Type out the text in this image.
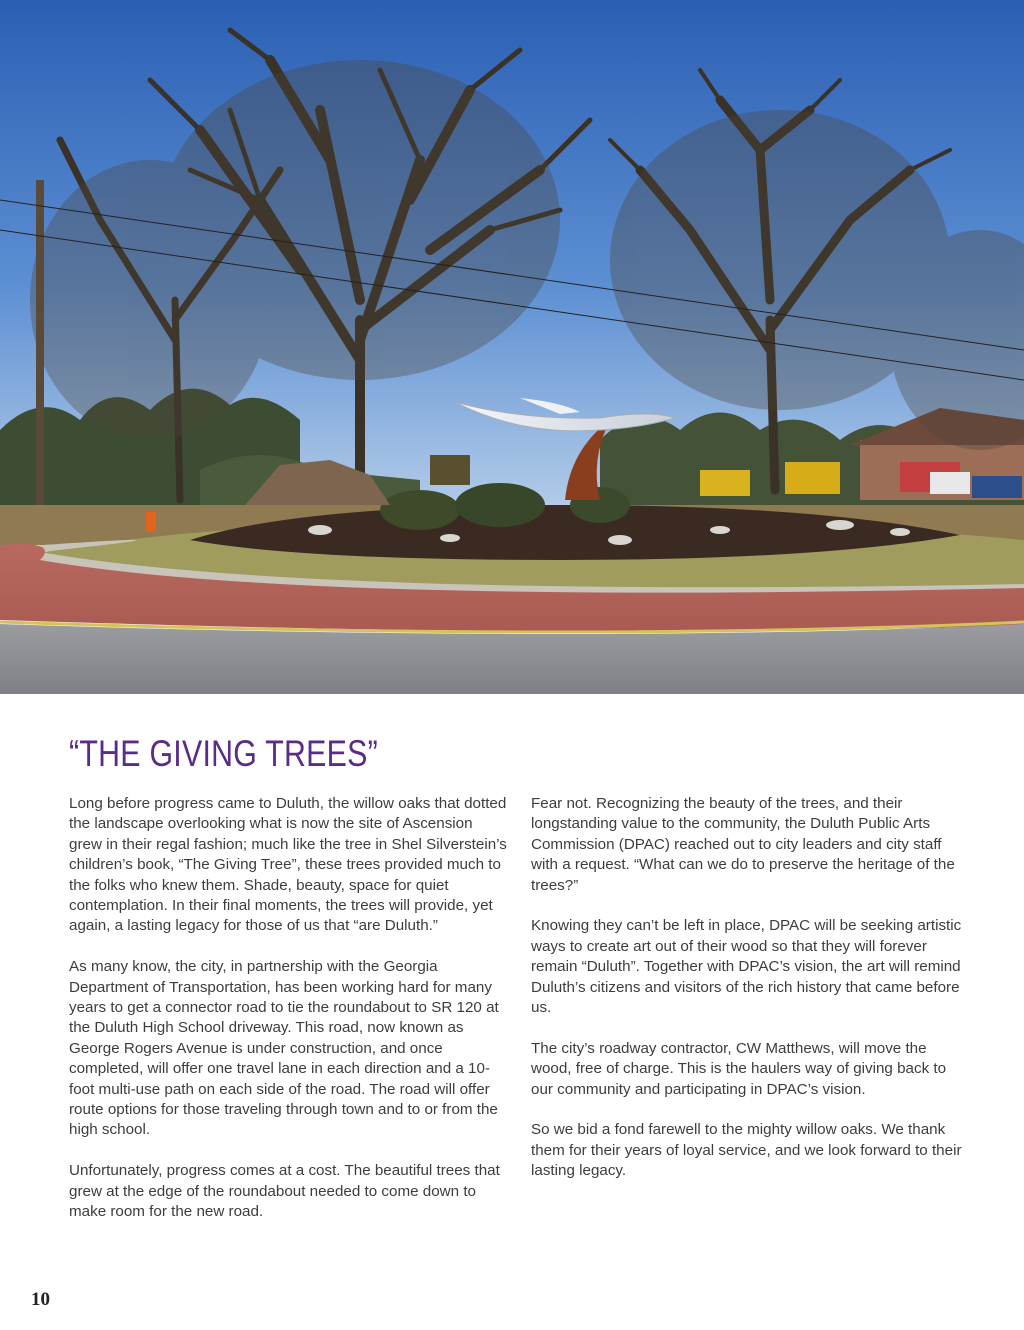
“THE GIVING TREES”

Long before progress came to Duluth, the willow oaks that dotted the landscape overlooking what is now the site of Ascension grew in their regal fashion; much like the tree in Shel Silverstein’s children’s book, “The Giving Tree”, these trees provided much to the folks who knew them. Shade, beauty, space for quiet contemplation. In their final moments, the trees will provide, yet again, a lasting legacy for those of us that “are Duluth.”

As many know, the city, in partnership with the Georgia Department of Transportation, has been working hard for many years to get a connector road to tie the roundabout to SR 120 at the Duluth High School driveway. This road, now known as George Rogers Avenue is under construction, and once completed, will offer one travel lane in each direction and a 10-foot multi-use path on each side of the road. The road will offer route options for those traveling through town and to or from the high school.

Unfortunately, progress comes at a cost. The beautiful trees that grew at the edge of the roundabout needed to come down to make room for the new road.

Fear not. Recognizing the beauty of the trees, and their longstanding value to the community, the Duluth Public Arts Commission (DPAC) reached out to city leaders and city staff with a request. “What can we do to preserve the heritage of the trees?”

Knowing they can’t be left in place, DPAC will be seeking artistic ways to create art out of their wood so that they will forever remain “Duluth”. Together with DPAC’s vision, the art will remind Duluth’s citizens and visitors of the rich history that came before us.

The city’s roadway contractor, CW Matthews, will move the wood, free of charge. This is the haulers way of giving back to our community and participating in DPAC’s vision.

So we bid a fond farewell to the mighty willow oaks. We thank them for their years of loyal service, and we look forward to their lasting legacy.

10
